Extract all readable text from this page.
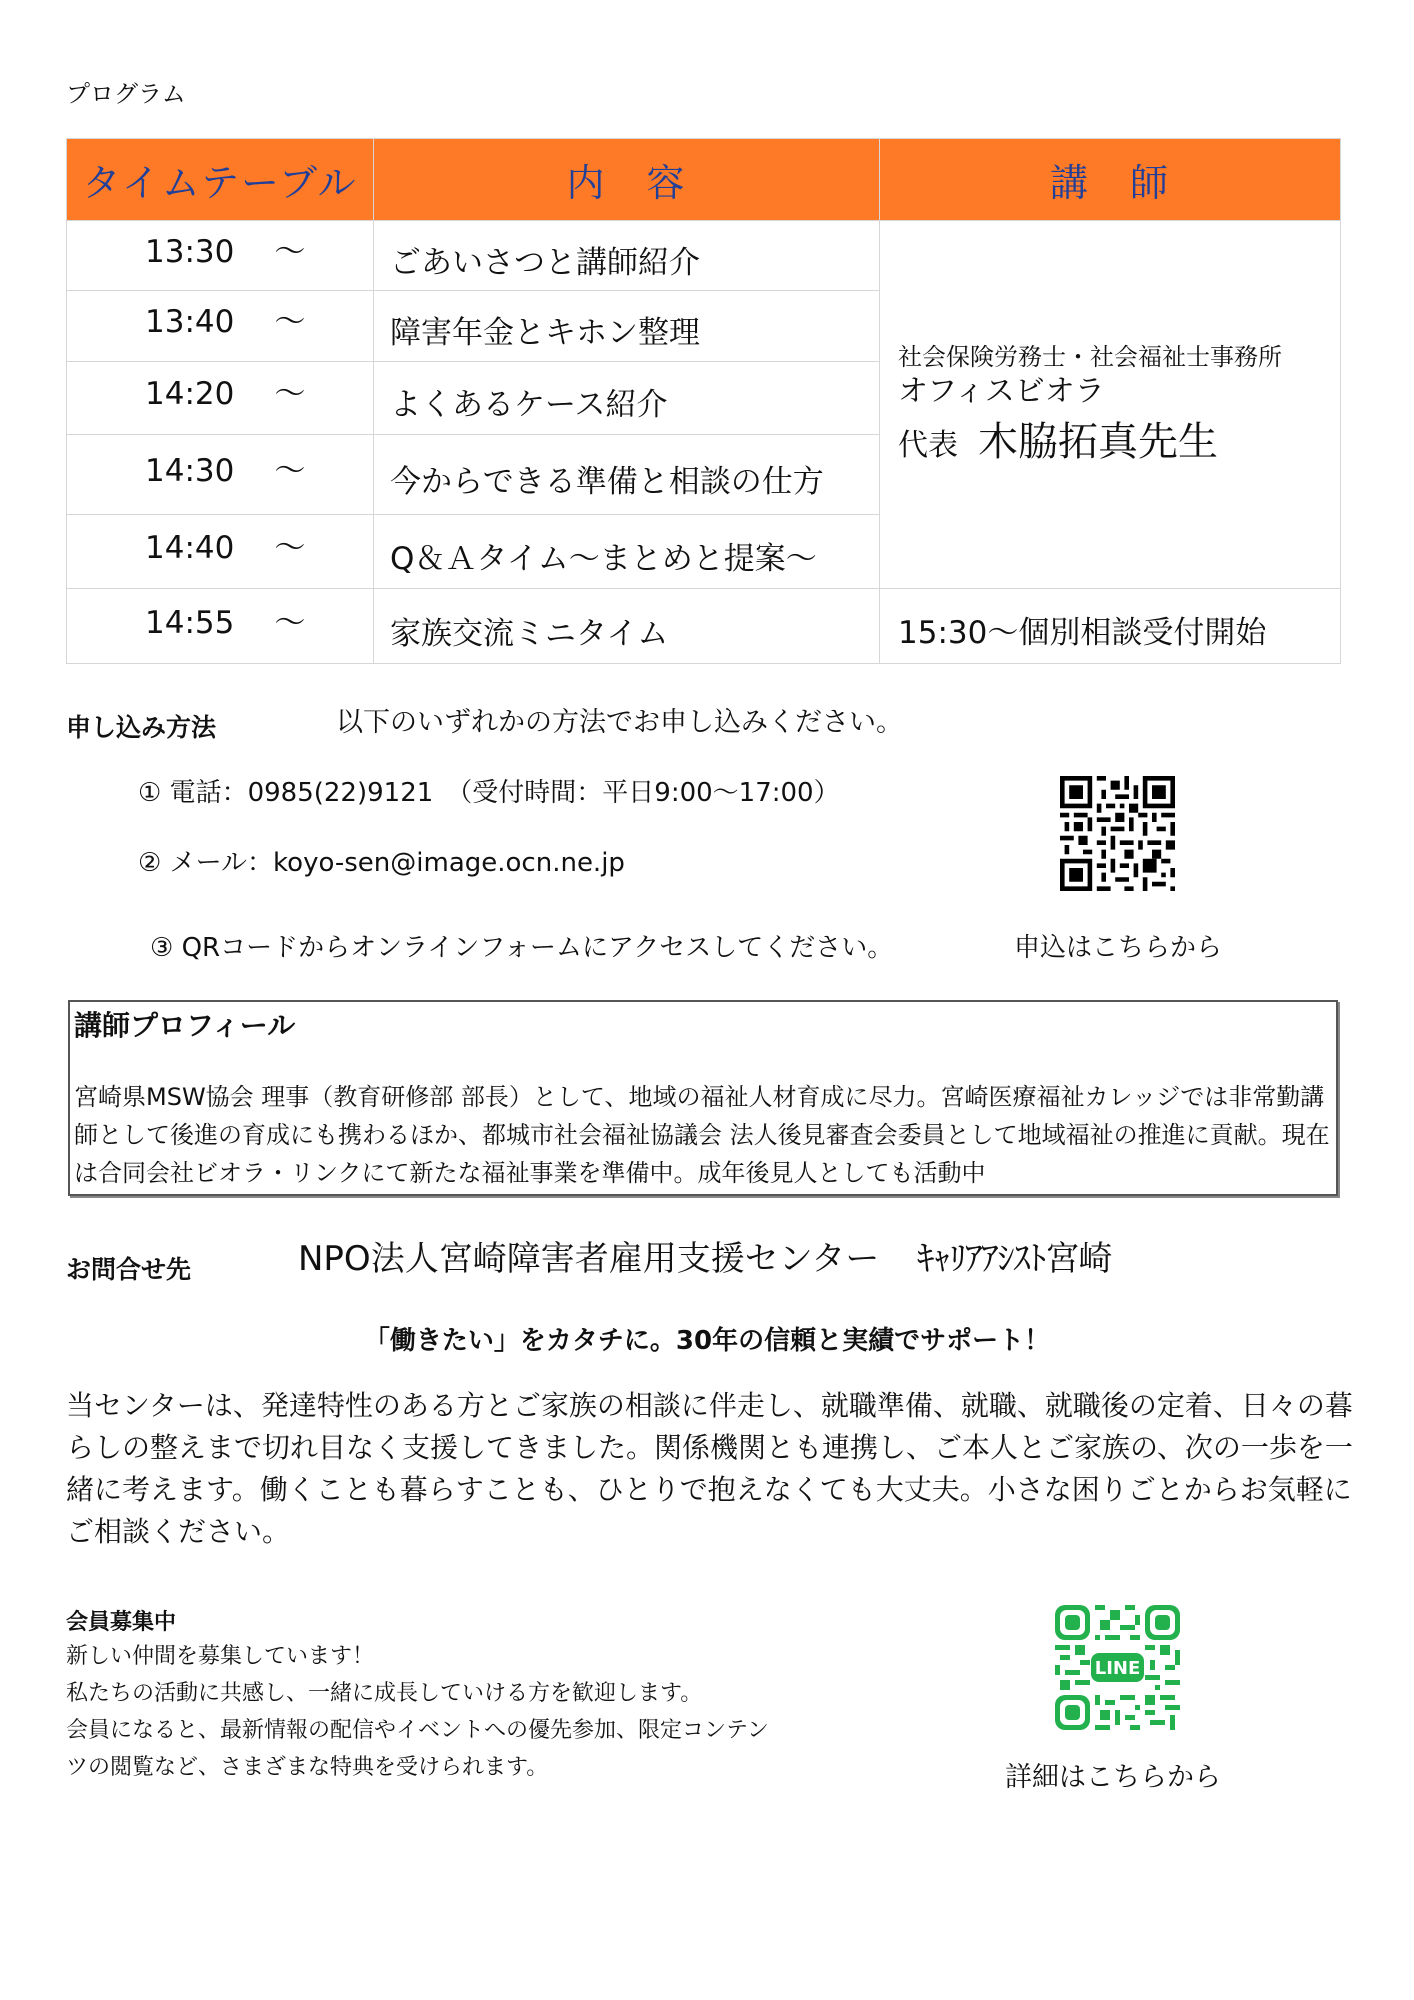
プログラム
タイムテーブル	内　容	講　師
13:30 ～	ごあいさつと講師紹介	社会保険労務士・社会福祉士事務所
オフィスビオラ
代表 木脇拓真先生
13:40 ～	障害年金とキホン整理	
14:20 ～	よくあるケース紹介	
14:30 ～	今からできる準備と相談の仕方	
14:40 ～	Q＆Ａタイム～まとめと提案～	
14:55 ～	家族交流ミニタイム	15:30～個別相談受付開始
申し込み方法	以下のいずれかの方法でお申し込みください。
① 電話：0985(22)9121　（受付時間：平日9:00～17:00）
② メール：koyo-sen@image.ocn.ne.jp
③ QRコードからオンラインフォームにアクセスしてください。	申込はこちらから
講師プロフィール
宮崎県MSW協会 理事（教育研修部 部長）として、地域の福祉人材育成に尽力。宮崎医療福祉カレッジでは非常勤講師として後進の育成にも携わるほか、都城市社会福祉協議会 法人後見審査会委員として地域福祉の推進に貢献。現在は合同会社ビオラ・リンクにて新たな福祉事業を準備中。成年後見人としても活動中
お問合せ先	NPO法人宮崎障害者雇用支援センター ｷｬﾘｱｱｼｽﾄ宮崎
「働きたい」をカタチに。30年の信頼と実績でサポート！
当センターは、発達特性のある方とご家族の相談に伴走し、就職準備、就職、就職後の定着、日々の暮らしの整えまで切れ目なく支援してきました。関係機関とも連携し、ご本人とご家族の、次の一歩を一緒に考えます。働くことも暮らすことも、ひとりで抱えなくても大丈夫。小さな困りごとからお気軽にご相談ください。
会員募集中
新しい仲間を募集しています！
私たちの活動に共感し、一緒に成長していける方を歓迎します。
会員になると、最新情報の配信やイベントへの優先参加、限定コンテン
ツの閲覧など、さまざまな特典を受けられます。
LINE
詳細はこちらから
